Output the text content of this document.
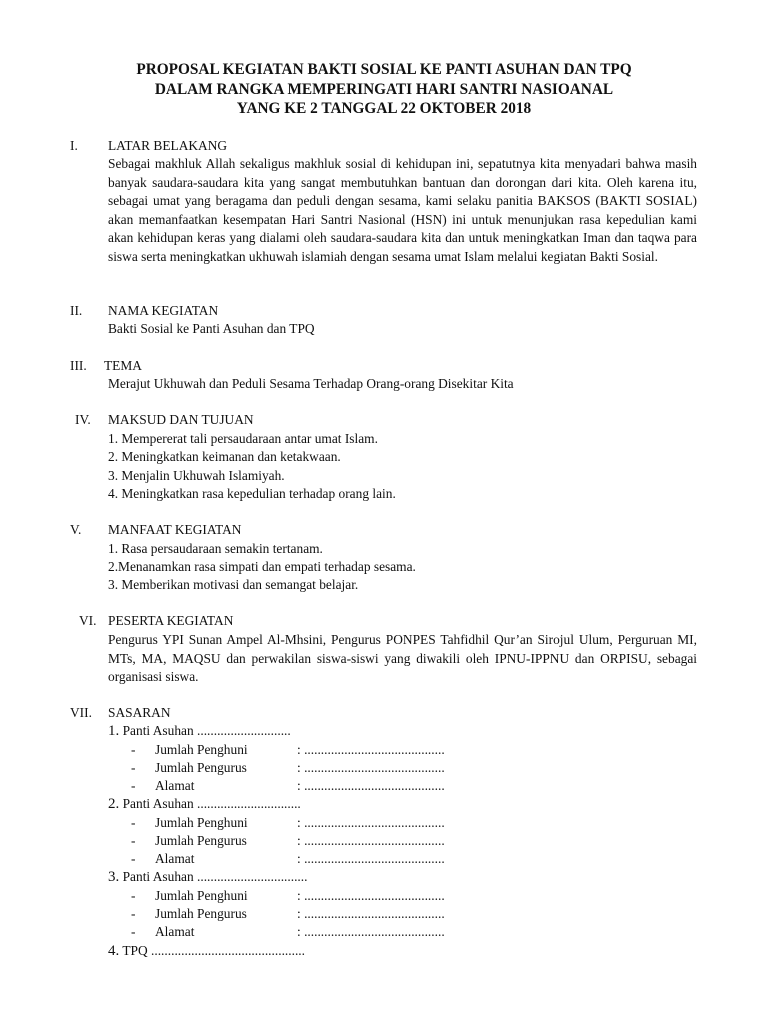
PROPOSAL KEGIATAN BAKTI SOSIAL KE PANTI ASUHAN DAN TPQ
DALAM RANGKA MEMPERINGATI HARI SANTRI NASIOANAL
YANG KE 2 TANGGAL 22 OKTOBER 2018
I. LATAR BELAKANG
Sebagai makhluk Allah sekaligus makhluk sosial di kehidupan ini, sepatutnya kita menyadari bahwa masih banyak saudara-saudara kita yang sangat membutuhkan bantuan dan dorongan dari kita. Oleh karena itu, sebagai umat yang beragama dan peduli dengan sesama, kami selaku panitia BAKSOS (BAKTI SOSIAL) akan memanfaatkan kesempatan Hari Santri Nasional (HSN) ini untuk menunjukan rasa kepedulian kami akan kehidupan keras yang dialami oleh saudara-saudara kita dan untuk meningkatkan Iman dan taqwa para siswa serta meningkatkan ukhuwah islamiah dengan sesama umat Islam melalui kegiatan Bakti Sosial.
II. NAMA KEGIATAN
Bakti Sosial ke Panti Asuhan dan TPQ
III. TEMA
Merajut Ukhuwah dan Peduli Sesama Terhadap Orang-orang Disekitar Kita
IV. MAKSUD DAN TUJUAN
1. Mempererat tali persaudaraan antar umat Islam.
2. Meningkatkan keimanan dan ketakwaan.
3. Menjalin Ukhuwah Islamiyah.
4. Meningkatkan rasa kepedulian terhadap orang lain.
V. MANFAAT KEGIATAN
1. Rasa persaudaraan semakin tertanam.
2.Menanamkan rasa simpati dan empati terhadap sesama.
3. Memberikan motivasi dan semangat belajar.
VI. PESERTA KEGIATAN
Pengurus YPI Sunan Ampel Al-Mhsini, Pengurus PONPES Tahfidhil Qur’an Sirojul Ulum, Perguruan MI, MTs, MA, MAQSU dan perwakilan siswa-siswi yang diwakili oleh IPNU-IPPNU dan ORPISU, sebagai organisasi siswa.
VII. SASARAN
1. Panti Asuhan ............................
- Jumlah Penghuni	: ..........................................
- Jumlah Pengurus	: ..........................................
- Alamat	: ..........................................
2. Panti Asuhan ...............................
- Jumlah Penghuni	: ..........................................
- Jumlah Pengurus	: ..........................................
- Alamat	: ..........................................
3. Panti Asuhan .................................
- Jumlah Penghuni	: ..........................................
- Jumlah Pengurus	: ..........................................
- Alamat	: ..........................................
4. TPQ ..............................................
